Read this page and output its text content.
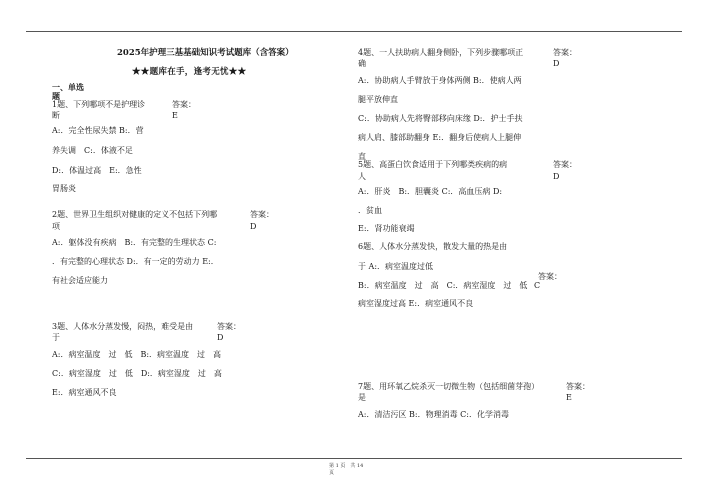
2025年护理三基基础知识考试题库（含答案）
★★题库在手，逢考无忧★★
一、单选
题
1题、下列哪项不是护理诊
断
答案：
E
A:．完全性尿失禁 B:．营
养失调　C:．体液不足
D:．体温过高　E:．急性
胃肠炎
2题、世界卫生组织对健康的定义不包括下列哪
项
答案：
D
A:．躯体没有疾病　B:．有完整的生理状态 C:
．有完整的心理状态 D:．有一定的劳动力 E:．
有社会适应能力
3题、人体水分蒸发慢，闷热，难受是由
于
答案：
D
A:．病室温度　过　低　B:．病室温度　过　高
C:．病室湿度　过　低　D:．病室湿度　过　高
E:．病室通风不良
4题、一人扶助病人翻身侧卧，下列步骤哪项正
确
答案：
D
A:．协助病人手臂放于身体两侧 B:．使病人两
腿平放伸直
C:．协助病人先将臀部移向床缘 D:．护士手扶
病人肩、膝部助翻身 E:．翻身后使病人上腿伸
直
5题、高蛋白饮食适用于下列哪类疾病的病
人
答案：
D
A:．肝炎　B:．胆囊炎 C:．高血压病 D:
．贫血
E:．肾功能衰竭
6题、人体水分蒸发快，散发大量的热是由
于 A:．病室温度过低
答案：
B:．病室温度　过　高　C:．病室湿度　过　低 C
病室湿度过高 E:．病室通风不良
7题、用环氧乙烷杀灭一切微生物（包括细菌芽孢）
是
答案：
E
A:．清洁污区 B:．物理消毒 C:．化学消毒
第 1 页　共 14
页
